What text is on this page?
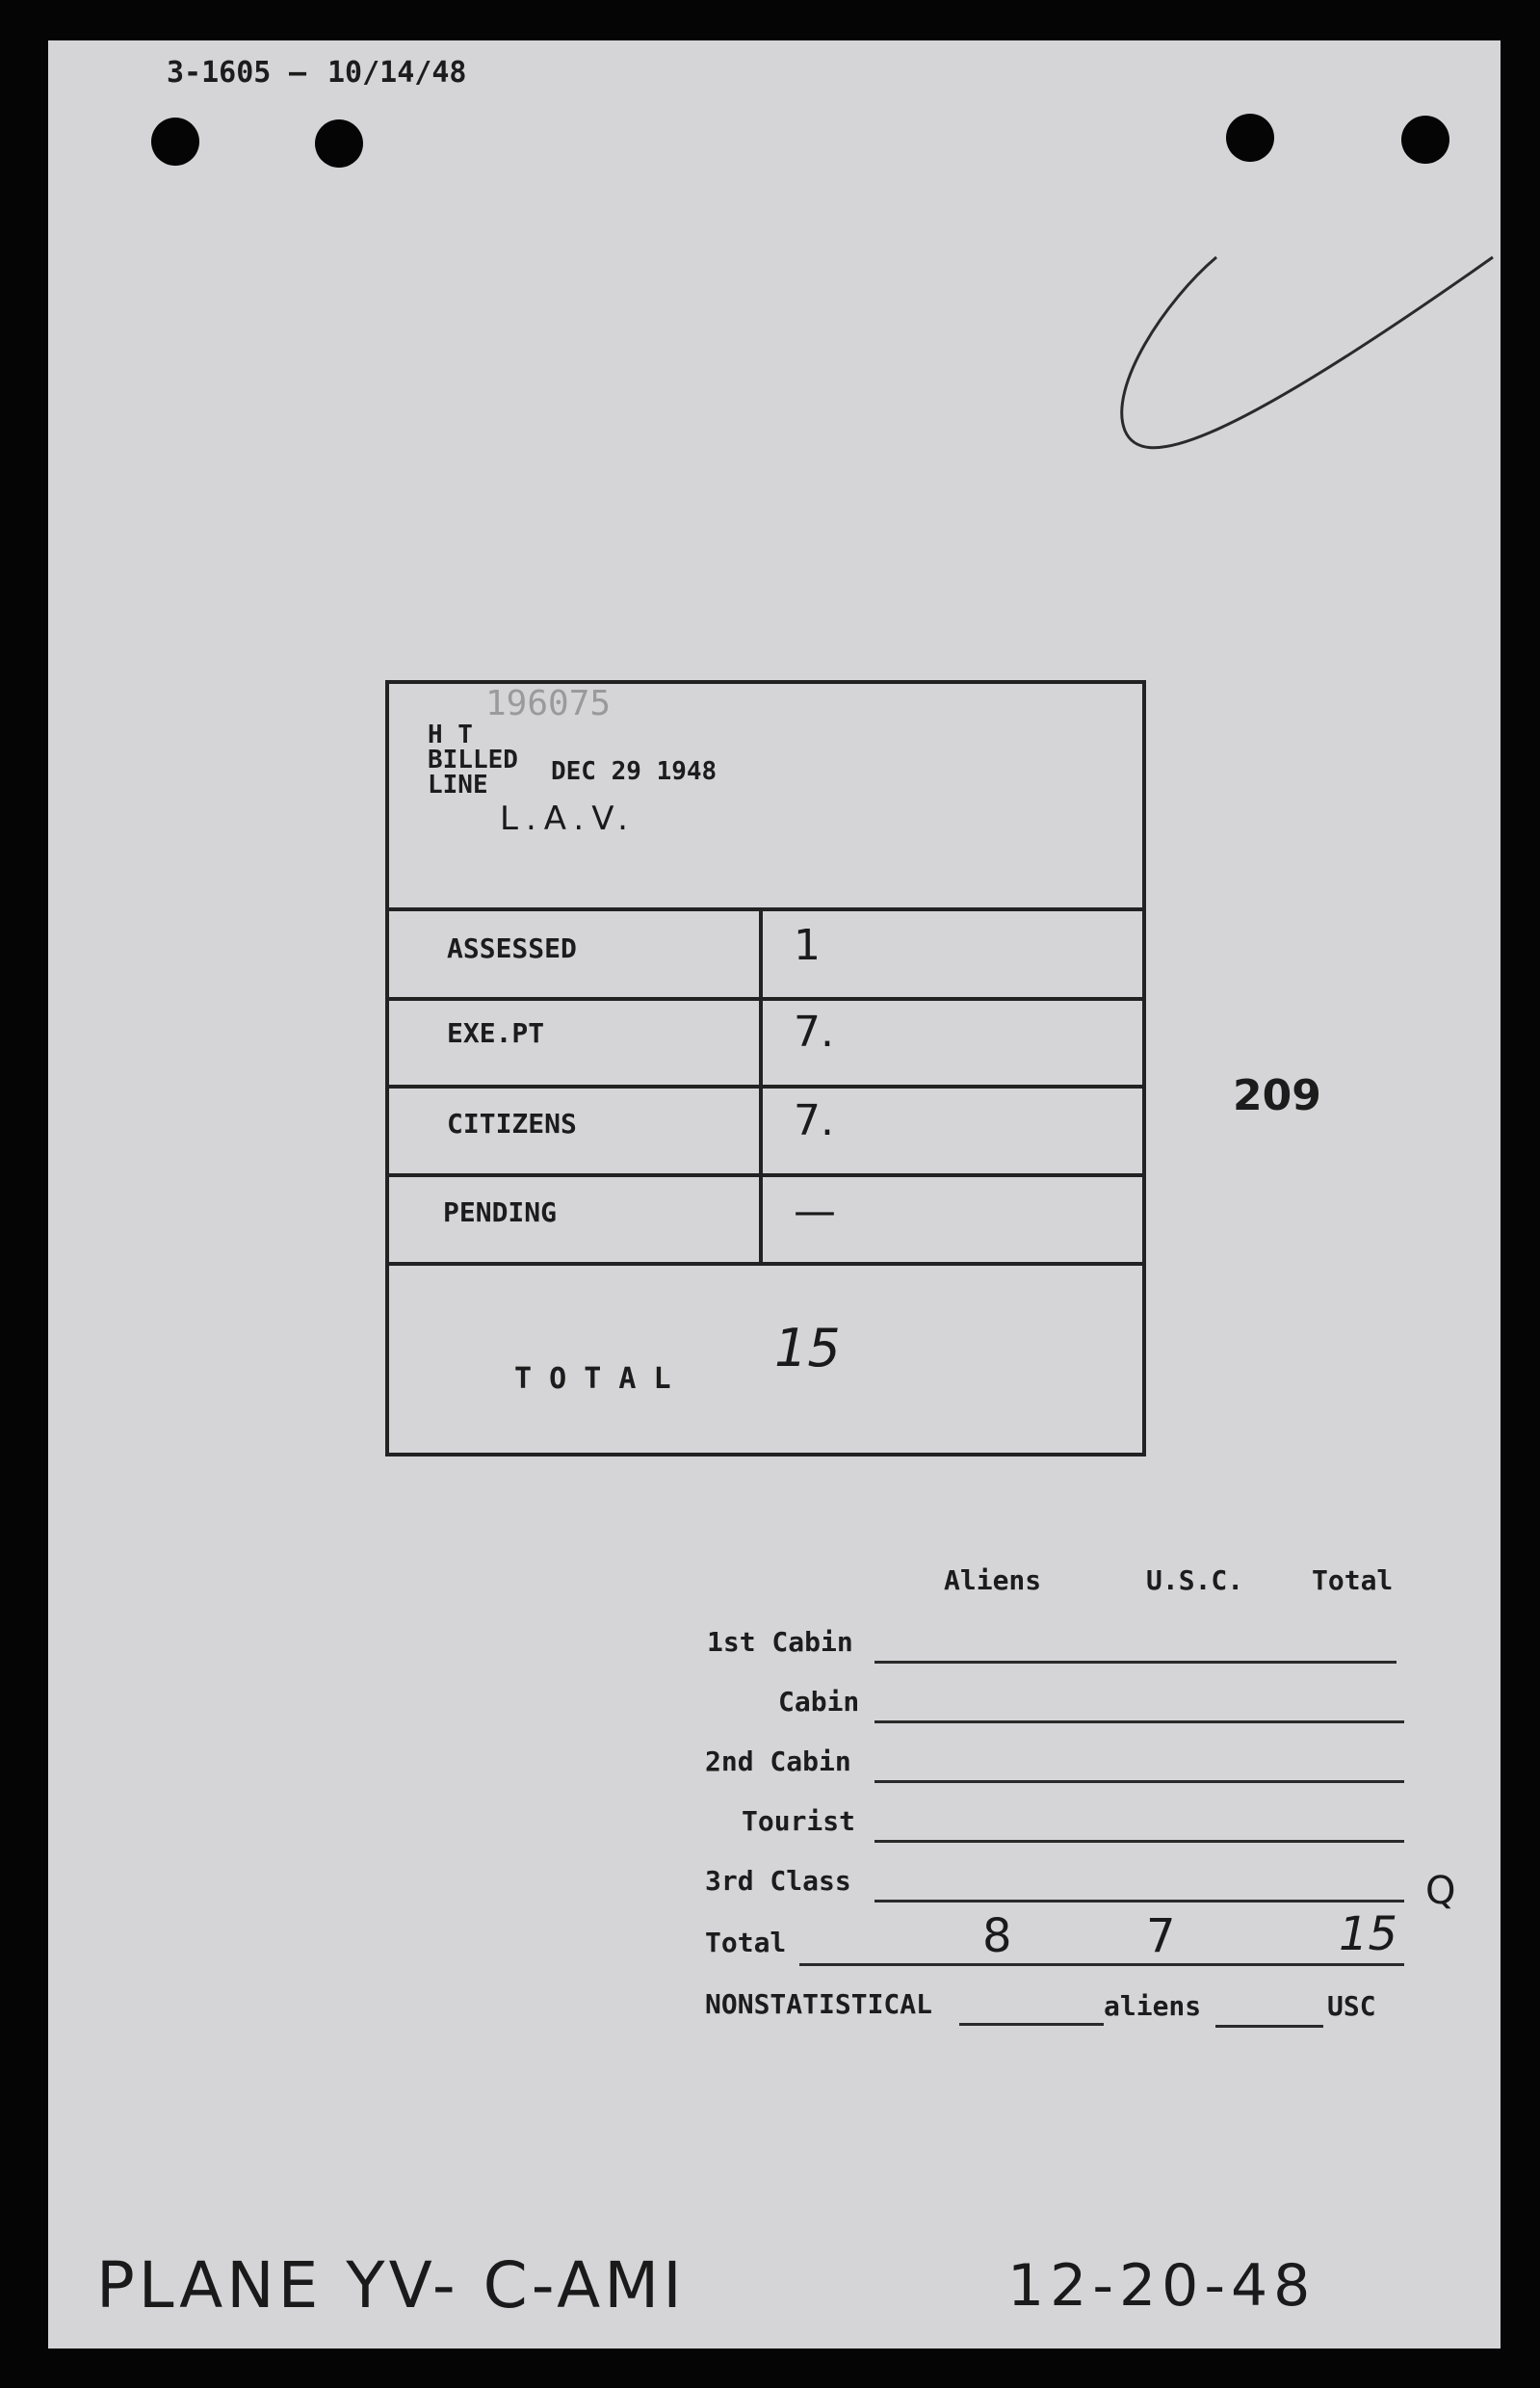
3-1605 — 10/14/48
196075
H T
BILLED
LINE	DEC 29 1948
L.A.V.
ASSESSED	1
EXE.PT	7.
CITIZENS	7.
PENDING	—
T O T A L
15
209
Aliens	U.S.C.	Total
1st Cabin
Cabin
2nd Cabin
Tourist
3rd Class	Q
Total	8	7	15
NONSTATISTICAL	aliens	USC
PLANE YV- C-AMI	12-20-48
